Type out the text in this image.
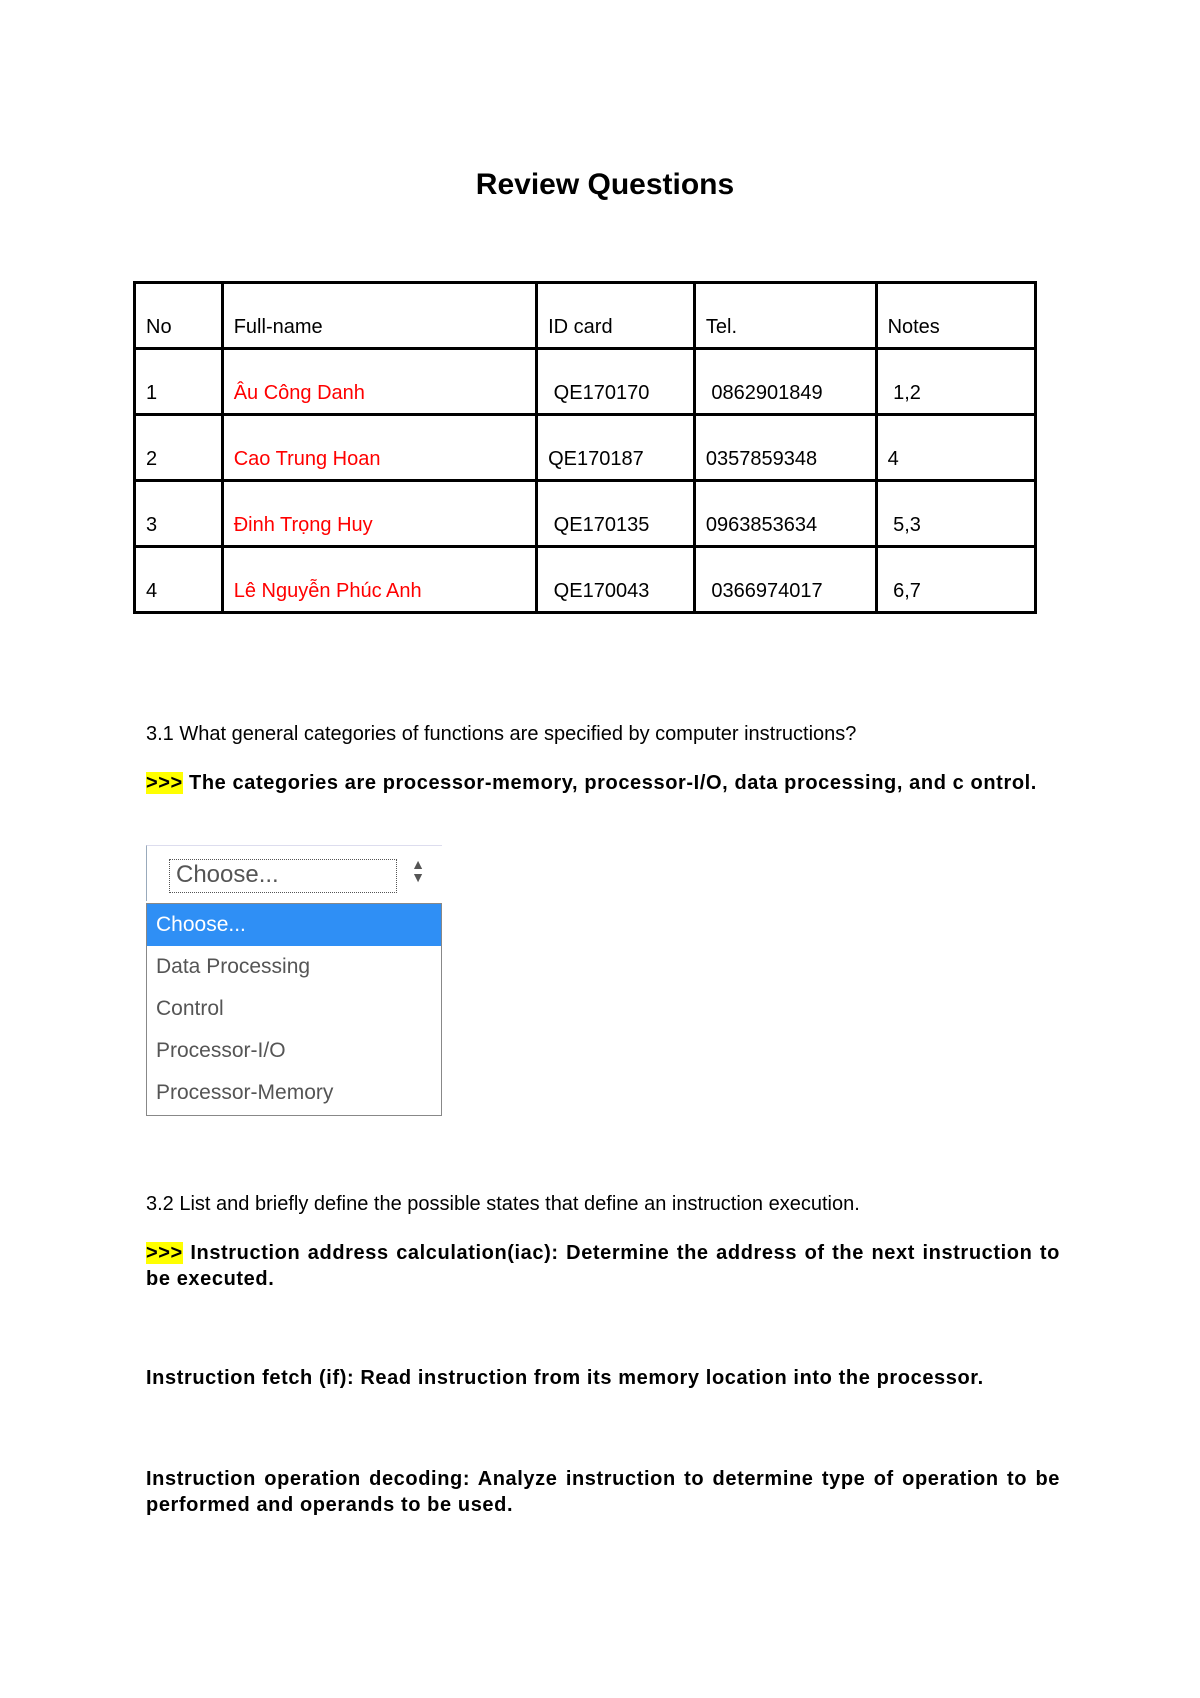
Review Questions
No	Full-name	ID card	Tel.	Notes
1	Âu Công Danh	QE170170	0862901849	1,2
2	Cao Trung Hoan	QE170187	0357859348	4
3	Đinh Trọng Huy	QE170135	0963853634	5,3
4	Lê Nguyễn Phúc Anh	QE170043	0366974017	6,7
3.1 What general categories of functions are specified by computer instructions?
>>> The categories are processor-memory, processor-I/O, data processing, and c ontrol.
Choose...	▲
▼
Choose...
Data Processing
Control
Processor-I/O
Processor-Memory
3.2 List and briefly define the possible states that define an instruction execution.
>>> Instruction address calculation(iac): Determine the address of the next instruction to be executed.
Instruction fetch (if): Read instruction from its memory location into the processor.
Instruction operation decoding: Analyze instruction to determine type of operation to be performed and operands to be used.
